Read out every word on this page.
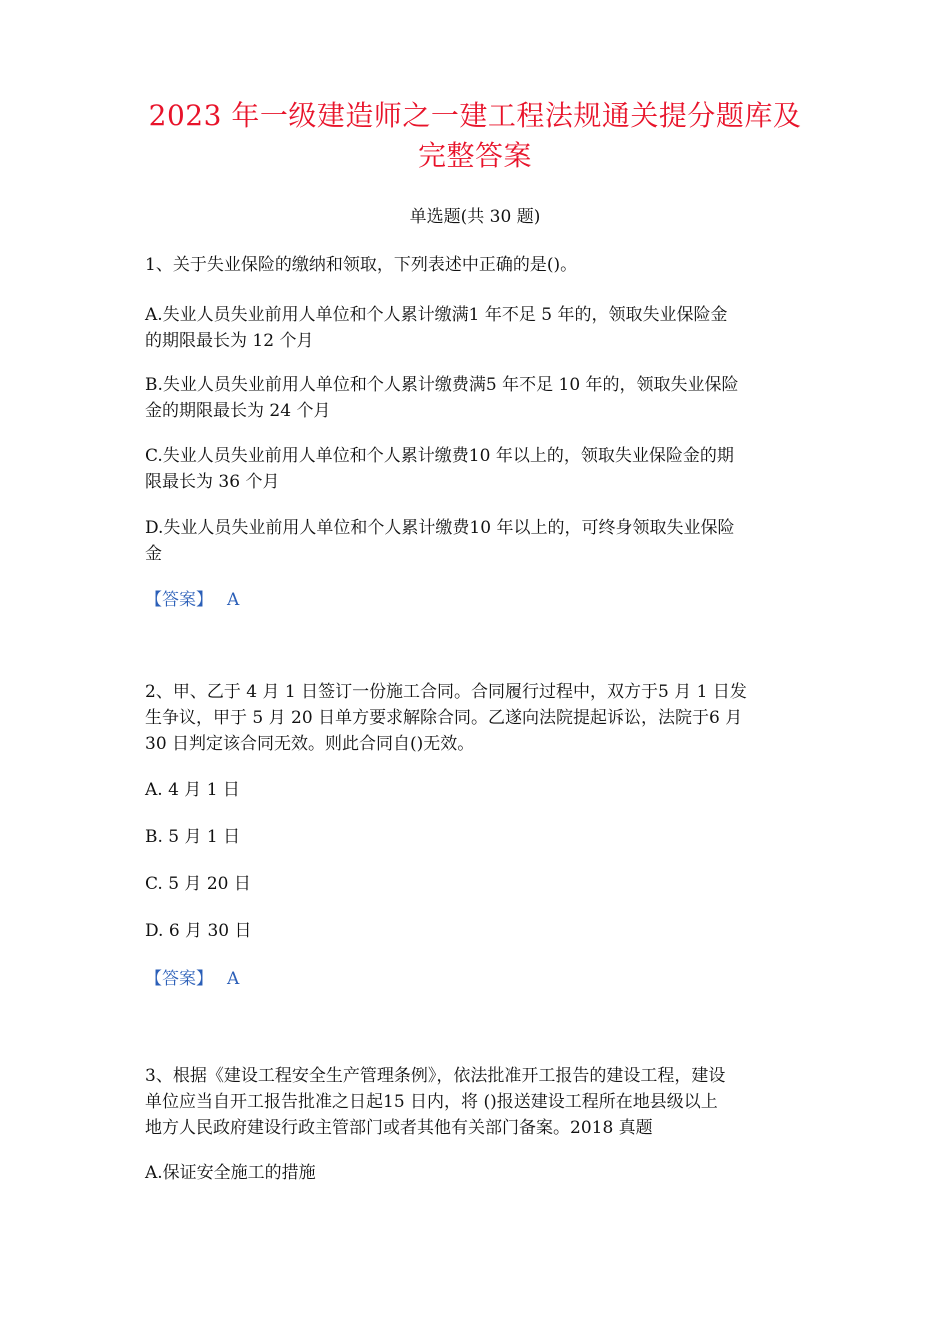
2023 年一级建造师之一建工程法规通关提分题库及
完整答案
单选题(共 30 题)
1、关于失业保险的缴纳和领取，下列表述中正确的是()。
A.失业人员失业前用人单位和个人累计缴满1 年不足 5 年的，领取失业保险金
的期限最长为 12 个月
B.失业人员失业前用人单位和个人累计缴费满5 年不足 10 年的，领取失业保险
金的期限最长为 24 个月
C.失业人员失业前用人单位和个人累计缴费10 年以上的，领取失业保险金的期
限最长为 36 个月
D.失业人员失业前用人单位和个人累计缴费10 年以上的，可终身领取失业保险
金
【答案】 A
2、甲、乙于 4 月 1 日签订一份施工合同。合同履行过程中，双方于5 月 1 日发
生争议，甲于 5 月 20 日单方要求解除合同。乙遂向法院提起诉讼，法院于6 月
30 日判定该合同无效。则此合同自()无效。
A. 4 月 1 日
B. 5 月 1 日
C. 5 月 20 日
D. 6 月 30 日
【答案】 A
3、根据《建设工程安全生产管理条例》，依法批准开工报告的建设工程，建设
单位应当自开工报告批准之日起15 日内，将 ()报送建设工程所在地县级以上
地方人民政府建设行政主管部门或者其他有关部门备案。2018 真题
A.保证安全施工的措施
